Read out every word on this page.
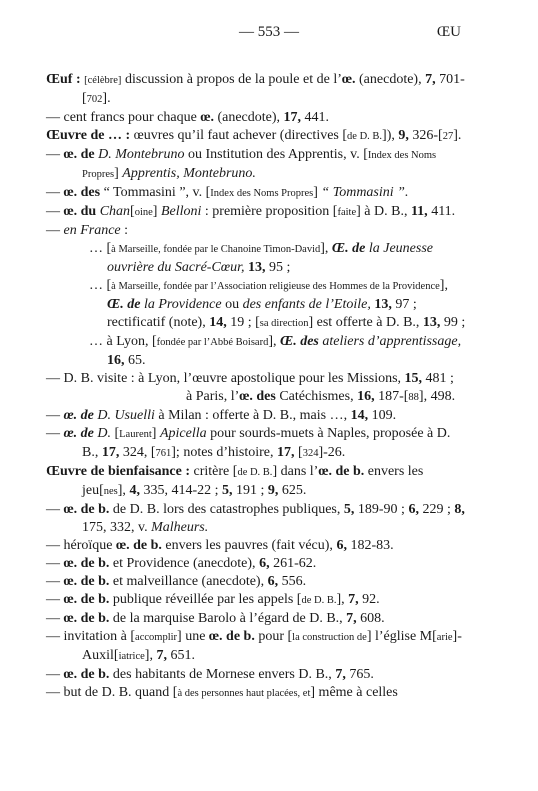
— 553 —	ŒU
Œuf : [célèbre] discussion à propos de la poule et de l’œ. (anecdote), 7, 701-[702].
— cent francs pour chaque œ. (anecdote), 17, 441.
Œuvre de … : œuvres qu’il faut achever (directives [de D. B.]), 9, 326-[27].
— œ. de D. Montebruno ou Institution des Apprentis, v. [Index des Noms Propres] Apprentis, Montebruno.
— œ. des “ Tommasini ”, v. [Index des Noms Propres] “ Tommasini ”.
— œ. du Chan[oine] Belloni : première proposition [faite] à D. B., 11, 411.
— en France :
… [à Marseille, fondée par le Chanoine Timon-David], Œ. de la Jeunesse ouvrière du Sacré-Cœur, 13, 95 ;
… [à Marseille, fondée par l’Association religieuse des Hommes de la Providence], Œ. de la Providence ou des enfants de l’Etoile, 13, 97 ; rectificatif (note), 14, 19 ; [sa direction] est offerte à D. B., 13, 99 ;
… à Lyon, [fondée par l’Abbé Boisard], Œ. des ateliers d’apprentissage, 16, 65.
— D. B. visite : à Lyon, l’œuvre apostolique pour les Missions, 15, 481 ;
à Paris, l’œ. des Catéchismes, 16, 187-[88], 498.
— œ. de D. Usuelli à Milan : offerte à D. B., mais …, 14, 109.
— œ. de D. [Laurent] Apicella pour sourds-muets à Naples, proposée à D. B., 17, 324, [761]; notes d’histoire, 17, [324]-26.
Œuvre de bienfaisance : critère [de D. B.] dans l’œ. de b. envers les jeu[nes], 4, 335, 414-22 ; 5, 191 ; 9, 625.
— œ. de b. de D. B. lors des catastrophes publiques, 5, 189-90 ; 6, 229 ; 8, 175, 332, v. Malheurs.
— héroïque œ. de b. envers les pauvres (fait vécu), 6, 182-83.
— œ. de b. et Providence (anecdote), 6, 261-62.
— œ. de b. et malveillance (anecdote), 6, 556.
— œ. de b. publique réveillée par les appels [de D. B.], 7, 92.
— œ. de b. de la marquise Barolo à l’égard de D. B., 7, 608.
— invitation à [accomplir] une œ. de b. pour [la construction de] l’église M[arie]-Auxil[iatrice], 7, 651.
— œ. de b. des habitants de Mornese envers D. B., 7, 765.
— but de D. B. quand [à des personnes haut placées, et] même à celles
